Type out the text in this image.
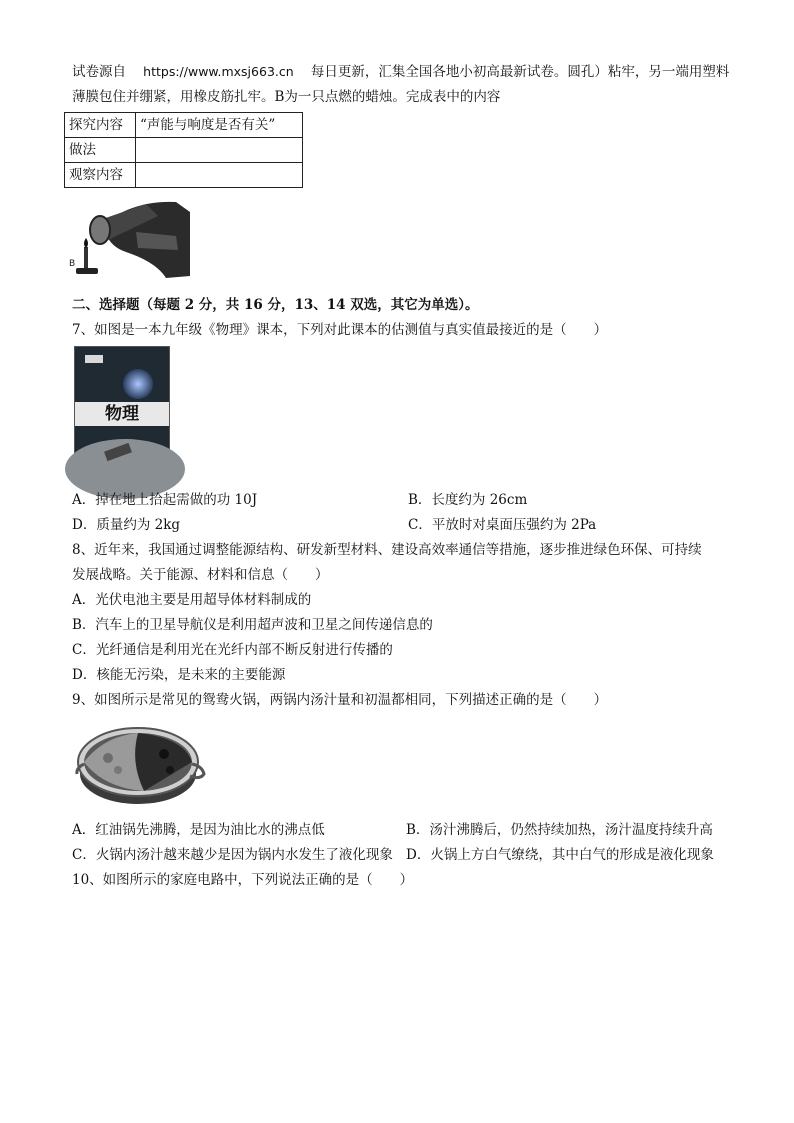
试卷源自 https://www.mxsj663.cn 每日更新，汇集全国各地小初高最新试卷。圆孔）粘牢，另一端用塑料
薄膜包住并绷紧，用橡皮筋扎牢。B为一只点燃的蜡烛。完成表中的内容
探究内容	“声能与响度是否有关”
做法	
观察内容	
B
二、选择题（每题 2 分，共 16 分，13、14 双选，其它为单选）。
7、如图是一本九年级《物理》课本，下列对此课本的估测值与真实值最接近的是（　　）
物理
A．掉在地上拾起需做的功 10J	B．长度约为 26cm
D．质量约为 2kg	C．平放时对桌面压强约为 2Pa
8、近年来，我国通过调整能源结构、研发新型材料、建设高效率通信等措施，逐步推进绿色环保、可持续
发展战略。关于能源、材料和信息（　　）
A．光伏电池主要是用超导体材料制成的
B．汽车上的卫星导航仪是利用超声波和卫星之间传递信息的
C．光纤通信是利用光在光纤内部不断反射进行传播的
D．核能无污染，是未来的主要能源
9、如图所示是常见的鸳鸯火锅，两锅内汤汁量和初温都相同，下列描述正确的是（　　）
A．红油锅先沸腾，是因为油比水的沸点低	B．汤汁沸腾后，仍然持续加热，汤汁温度持续升高
C．火锅内汤汁越来越少是因为锅内水发生了液化现象 D．火锅上方白气缭绕，其中白气的形成是液化现象
10、如图所示的家庭电路中，下列说法正确的是（　　）
